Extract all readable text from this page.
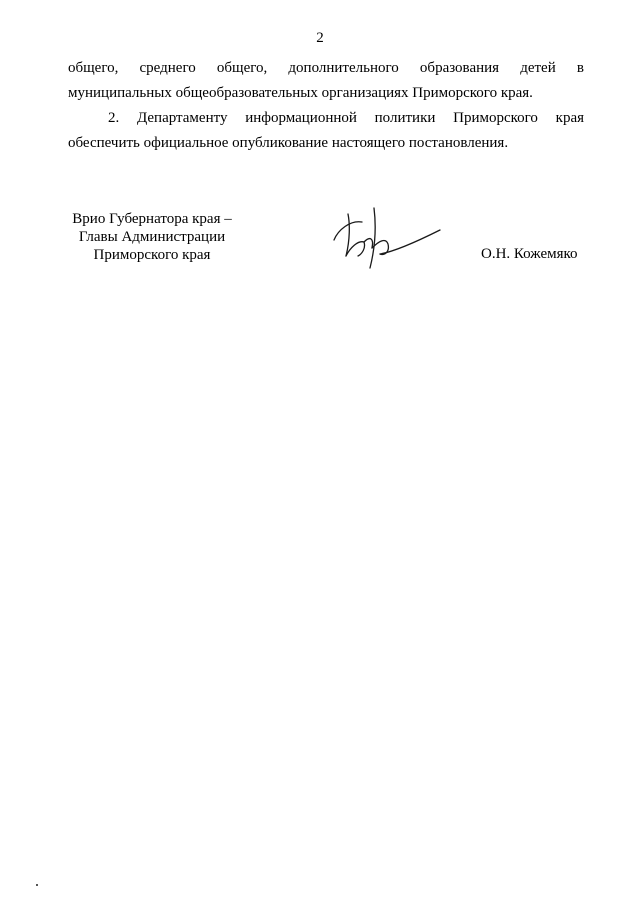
2

общего, среднего общего, дополнительного образования детей в

муниципальных общеобразовательных организациях Приморского края.

2. Департаменту информационной политики Приморского края

обеспечить официальное опубликование настоящего постановления.

Врио Губернатора края –
Главы Администрации
Приморского края	О.Н. Кожемяко
